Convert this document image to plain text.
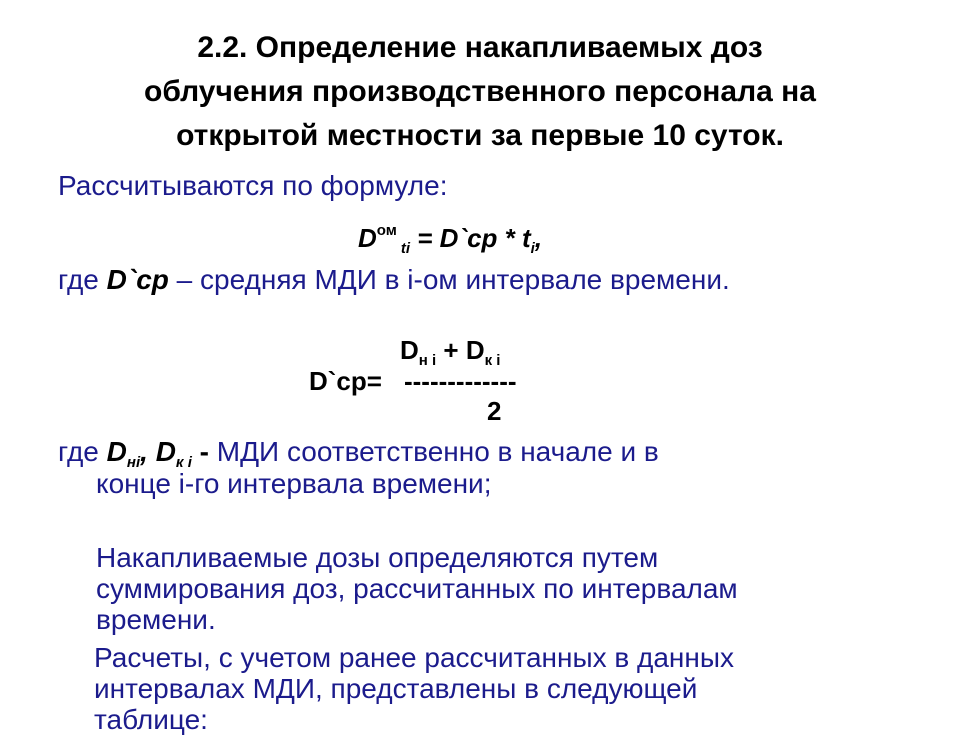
2.2. Определение накапливаемых доз
облучения производственного персонала на
открытой местности за первые 10 суток.
Рассчитываются по формуле:
$D^{ом}_{ti}$ = D`ср * $t_i$,
где D`ср – средняя МДИ в i-ом интервале времени.
$D_{н i} + D_{к i}$
D`ср= -------------
2
где $D_{нi}$, $D_{к i}$ - МДИ соответственно в начале и в
конце i-го интервала времени;
Накапливаемые дозы определяются путем
суммирования доз, рассчитанных по интервалам
времени.
Расчеты, с учетом ранее рассчитанных в данных
интервалах МДИ, представлены в следующей
таблице:
